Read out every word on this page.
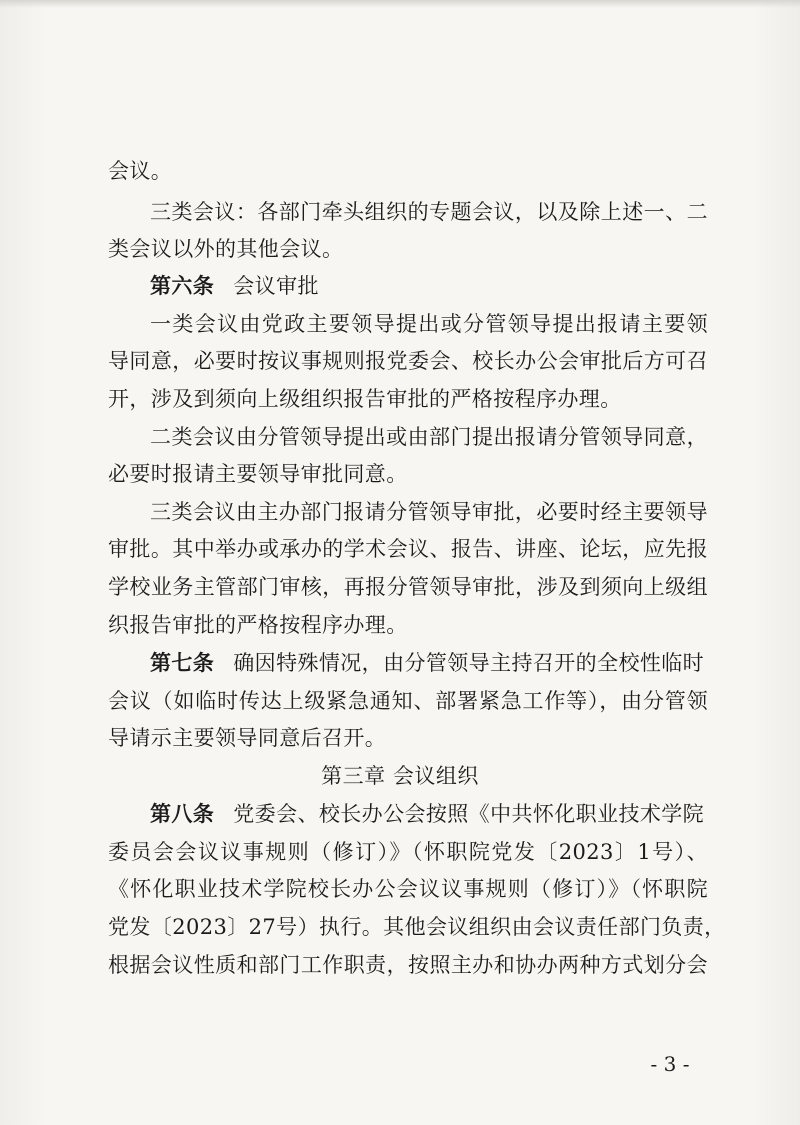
会议。
三类会议：各部门牵头组织的专题会议，以及除上述一、二
类会议以外的其他会议。
第六条 会议审批
一类会议由党政主要领导提出或分管领导提出报请主要领
导同意，必要时按议事规则报党委会、校长办公会审批后方可召
开，涉及到须向上级组织报告审批的严格按程序办理。
二类会议由分管领导提出或由部门提出报请分管领导同意，
必要时报请主要领导审批同意。
三类会议由主办部门报请分管领导审批，必要时经主要领导
审批。其中举办或承办的学术会议、报告、讲座、论坛，应先报
学校业务主管部门审核，再报分管领导审批，涉及到须向上级组
织报告审批的严格按程序办理。
第七条 确因特殊情况，由分管领导主持召开的全校性临时
会议（如临时传达上级紧急通知、部署紧急工作等），由分管领
导请示主要领导同意后召开。
第三章 会议组织
第八条 党委会、校长办公会按照《中共怀化职业技术学院
委员会会议议事规则（修订）》（怀职院党发〔2023〕1号）、
《怀化职业技术学院校长办公会议议事规则（修订）》（怀职院
党发〔2023〕27号）执行。其他会议组织由会议责任部门负责，
根据会议性质和部门工作职责，按照主办和协办两种方式划分会
- 3 -
